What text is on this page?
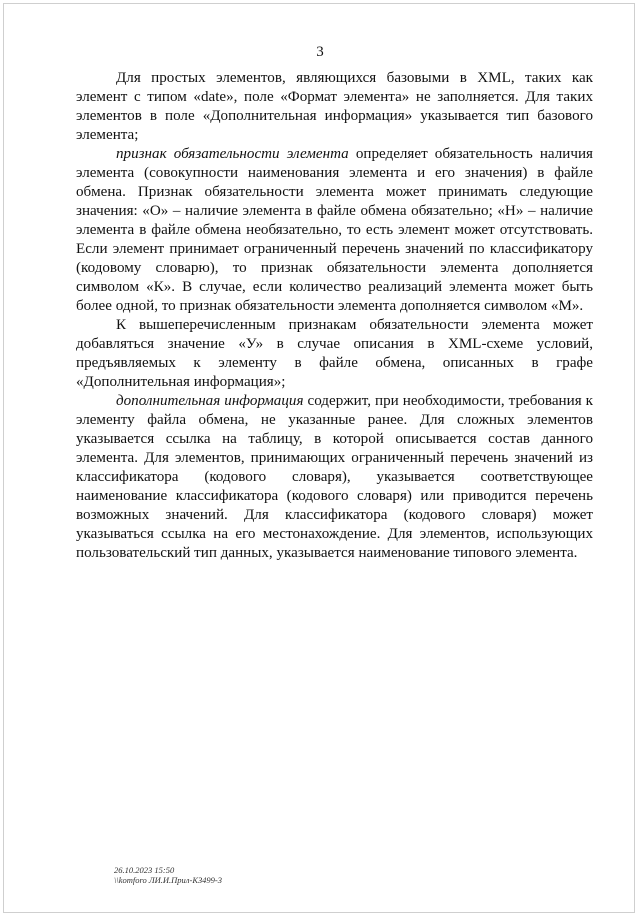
3

Для простых элементов, являющихся базовыми в XML, таких как элемент с типом «date», поле «Формат элемента» не заполняется. Для таких элементов в поле «Дополнительная информация» указывается тип базового элемента;

признак обязательности элемента определяет обязательность наличия элемента (совокупности наименования элемента и его значения) в файле обмена. Признак обязательности элемента может принимать следующие значения: «О» – наличие элемента в файле обмена обязательно; «Н» – наличие элемента в файле обмена необязательно, то есть элемент может отсутствовать. Если элемент принимает ограниченный перечень значений по классификатору (кодовому словарю), то признак обязательности элемента дополняется символом «К». В случае, если количество реализаций элемента может быть более одной, то признак обязательности элемента дополняется символом «М».

К вышеперечисленным признакам обязательности элемента может добавляться значение «У» в случае описания в XML-схеме условий, предъявляемых к элементу в файле обмена, описанных в графе «Дополнительная информация»;

дополнительная информация содержит, при необходимости, требования к элементу файла обмена, не указанные ранее. Для сложных элементов указывается ссылка на таблицу, в которой описывается состав данного элемента. Для элементов, принимающих ограниченный перечень значений из классификатора (кодового словаря), указывается соответствующее наименование классификатора (кодового словаря) или приводится перечень возможных значений. Для классификатора (кодового словаря) может указываться ссылка на его местонахождение. Для элементов, использующих пользовательский тип данных, указывается наименование типового элемента.

26.10.2023 15:50
\\komforo ЛИ.И.Прил-КЗ499-3
